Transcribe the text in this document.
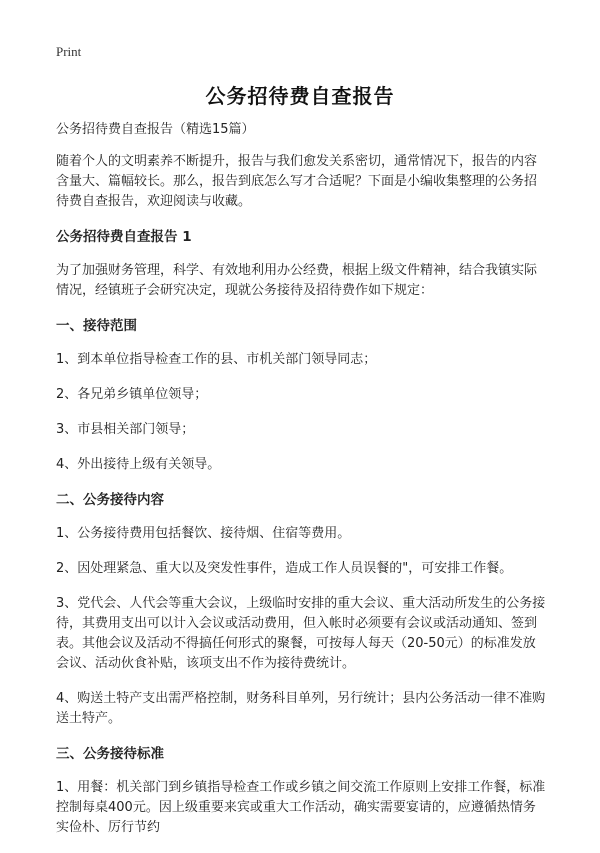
Print
公务招待费自查报告

公务招待费自查报告（精选15篇）

随着个人的文明素养不断提升，报告与我们愈发关系密切，通常情况下，报告的内容含量大、篇幅较长。那么，报告到底怎么写才合适呢？下面是小编收集整理的公务招待费自查报告，欢迎阅读与收藏。

公务招待费自查报告 1

为了加强财务管理，科学、有效地利用办公经费，根据上级文件精神，结合我镇实际情况，经镇班子会研究决定，现就公务接待及招待费作如下规定：

一、接待范围

1、到本单位指导检查工作的县、市机关部门领导同志；

2、各兄弟乡镇单位领导；

3、市县相关部门领导；

4、外出接待上级有关领导。

二、公务接待内容

1、公务接待费用包括餐饮、接待烟、住宿等费用。

2、因处理紧急、重大以及突发性事件，造成工作人员误餐的"，可安排工作餐。

3、党代会、人代会等重大会议，上级临时安排的重大会议、重大活动所发生的公务接待，其费用支出可以计入会议或活动费用，但入帐时必须要有会议或活动通知、签到表。其他会议及活动不得搞任何形式的聚餐，可按每人每天（20-50元）的标准发放会议、活动伙食补贴，该项支出不作为接待费统计。

4、购送土特产支出需严格控制，财务科目单列，另行统计；县内公务活动一律不准购送土特产。

三、公务接待标准

1、用餐：机关部门到乡镇指导检查工作或乡镇之间交流工作原则上安排工作餐，标准控制每桌400元。因上级重要来宾或重大工作活动，确实需要宴请的，应遵循热情务实俭朴、厉行节约
